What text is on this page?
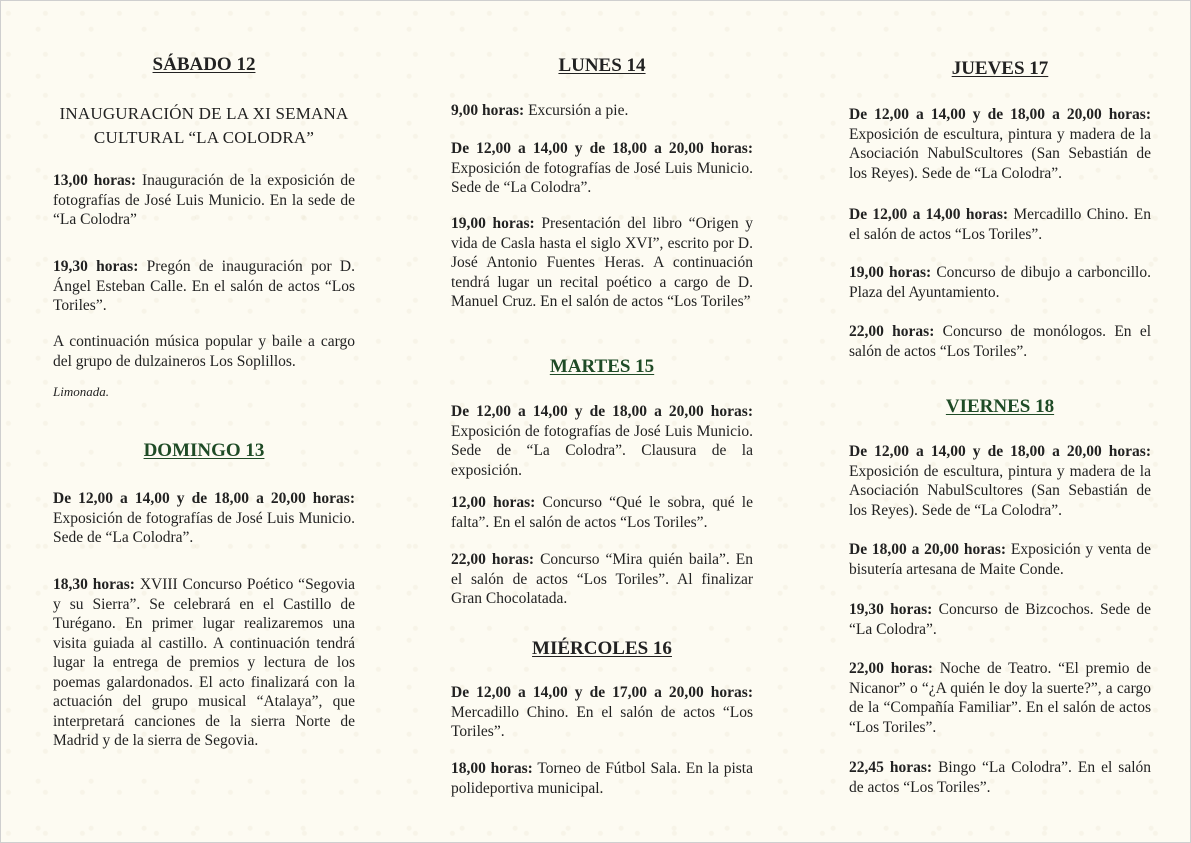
SÁBADO 12
INAUGURACIÓN DE LA XI SEMANA
CULTURAL “LA COLODRA”
13,00 horas: Inauguración de la exposición de fotografías de José Luis Municio. En la sede de “La Colodra”
19,30 horas: Pregón de inauguración por D. Ángel Esteban Calle. En el salón de actos “Los Toriles”.
A continuación música popular y baile a cargo del grupo de dulzaineros Los Soplillos.
Limonada.
DOMINGO 13
De 12,00 a 14,00 y de 18,00 a 20,00 horas: Exposición de fotografías de José Luis Municio. Sede de “La Colodra”.
18,30 horas: XVIII Concurso Poético “Segovia y su Sierra”. Se celebrará en el Castillo de Turégano. En primer lugar realizaremos una visita guiada al castillo. A continuación tendrá lugar la entrega de premios y lectura de los poemas galardonados. El acto finalizará con la actuación del grupo musical “Atalaya”, que interpretará canciones de la sierra Norte de Madrid y de la sierra de Segovia.
LUNES 14
9,00 horas: Excursión a pie.
De 12,00 a 14,00 y de 18,00 a 20,00 horas: Exposición de fotografías de José Luis Municio. Sede de “La Colodra”.
19,00 horas: Presentación del libro “Origen y vida de Casla hasta el siglo XVI”, escrito por D. José Antonio Fuentes Heras. A continuación tendrá lugar un recital poético a cargo de D. Manuel Cruz. En el salón de actos “Los Toriles”
MARTES 15
De 12,00 a 14,00 y de 18,00 a 20,00 horas: Exposición de fotografías de José Luis Municio. Sede de “La Colodra”. Clausura de la exposición.
12,00 horas: Concurso “Qué le sobra, qué le falta”. En el salón de actos “Los Toriles”.
22,00 horas: Concurso “Mira quién baila”. En el salón de actos “Los Toriles”. Al finalizar Gran Chocolatada.
MIÉRCOLES 16
De 12,00 a 14,00 y de 17,00 a 20,00 horas: Mercadillo Chino. En el salón de actos “Los Toriles”.
18,00 horas: Torneo de Fútbol Sala. En la pista polideportiva municipal.
JUEVES 17
De 12,00 a 14,00 y de 18,00 a 20,00 horas: Exposición de escultura, pintura y madera de la Asociación NabulScultores (San Sebastián de los Reyes). Sede de “La Colodra”.
De 12,00 a 14,00 horas: Mercadillo Chino. En el salón de actos “Los Toriles”.
19,00 horas: Concurso de dibujo a carboncillo. Plaza del Ayuntamiento.
22,00 horas: Concurso de monólogos. En el salón de actos “Los Toriles”.
VIERNES 18
De 12,00 a 14,00 y de 18,00 a 20,00 horas: Exposición de escultura, pintura y madera de la Asociación NabulScultores (San Sebastián de los Reyes). Sede de “La Colodra”.
De 18,00 a 20,00 horas: Exposición y venta de bisutería artesana de Maite Conde.
19,30 horas: Concurso de Bizcochos. Sede de “La Colodra”.
22,00 horas: Noche de Teatro. “El premio de Nicanor” o “¿A quién le doy la suerte?”, a cargo de la “Compañía Familiar”. En el salón de actos “Los Toriles”.
22,45 horas: Bingo “La Colodra”. En el salón de actos “Los Toriles”.
